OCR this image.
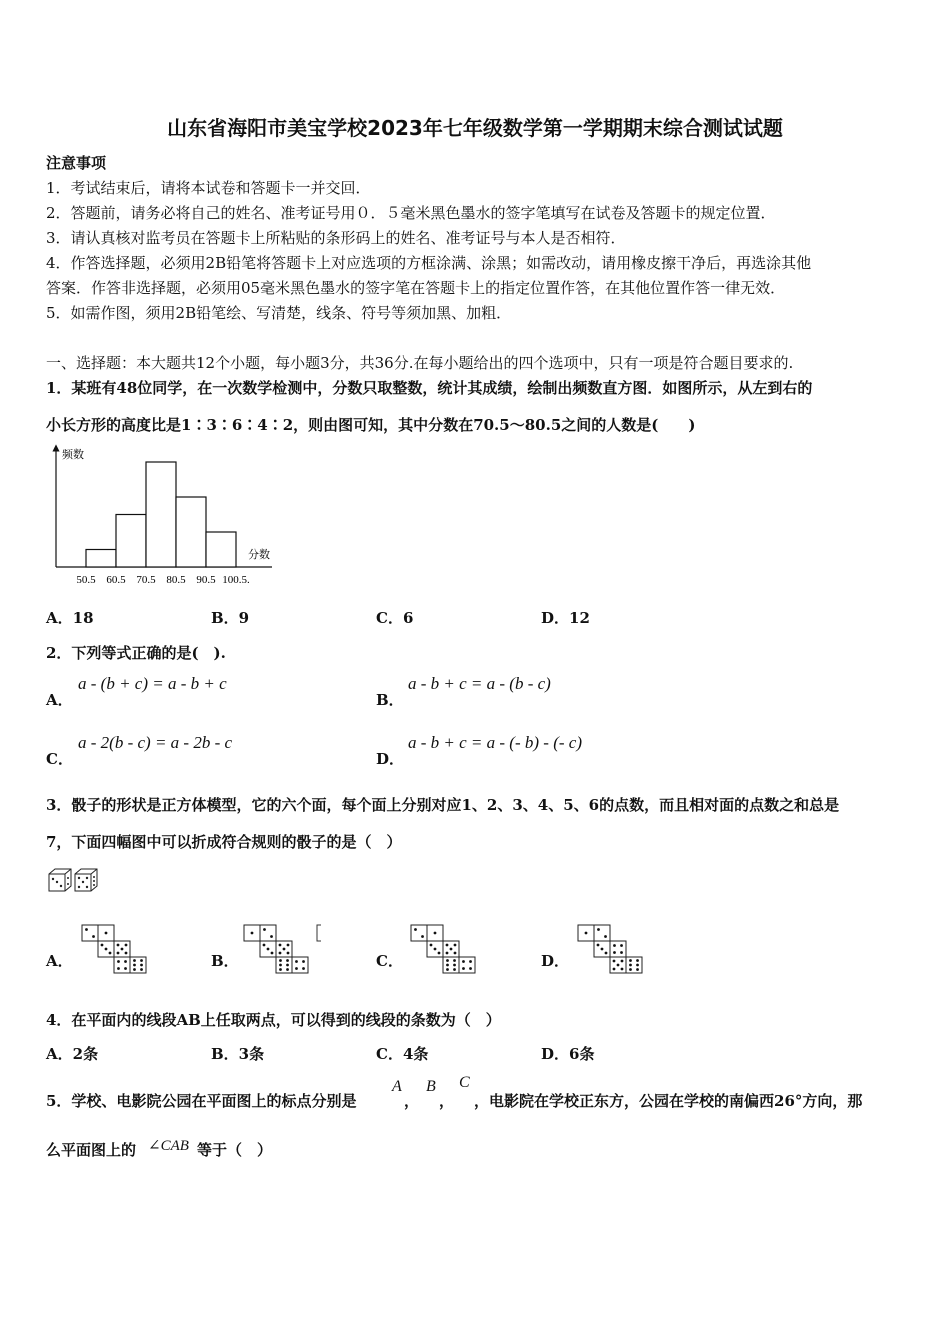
山东省海阳市美宝学校2023年七年级数学第一学期期末综合测试试题
注意事项
1．考试结束后，请将本试卷和答题卡一并交回．
2．答题前，请务必将自己的姓名、准考证号用０．５毫米黑色墨水的签字笔填写在试卷及答题卡的规定位置．
3．请认真核对监考员在答题卡上所粘贴的条形码上的姓名、准考证号与本人是否相符．
4．作答选择题，必须用2B铅笔将答题卡上对应选项的方框涂满、涂黑；如需改动，请用橡皮擦干净后，再选涂其他
答案．作答非选择题，必须用05毫米黑色墨水的签字笔在答题卡上的指定位置作答，在其他位置作答一律无效．
5．如需作图，须用2B铅笔绘、写清楚，线条、符号等须加黑、加粗．
一、选择题：本大题共12个小题，每小题3分，共36分.在每小题给出的四个选项中，只有一项是符合题目要求的.
1．某班有48位同学，在一次数学检测中，分数只取整数，统计其成绩，绘制出频数直方图．如图所示，从左到右的
小长方形的高度比是1∶3∶6∶4∶2，则由图可知，其中分数在70.5～80.5之间的人数是(　　)
频数
分数
50.5 60.5 70.5 80.5 90.5 100.5.
A．18	B．9	C．6	D．12
2．下列等式正确的是(　).
A．
a - (b + c) = a - b + c
B．
a - b + c = a - (b - c)
C．
a - 2(b - c) = a - 2b - c
D．
a - b + c = a - (- b) - (- c)
3．骰子的形状是正方体模型，它的六个面，每个面上分别对应1、2、3、4、5、6的点数，而且相对面的点数之和总是
7，下面四幅图中可以折成符合规则的骰子的是（　）
A．	B．	C．	D．
4．在平面内的线段AB上任取两点，可以得到的线段的条数为（　）
A．2条	B．3条	C．4条	D．6条
5．学校、电影院公园在平面图上的标点分别是
A
，
B
，
C
，电影院在学校正东方，公园在学校的南偏西26°方向，那
么平面图上的 ∠CAB 等于（　）
